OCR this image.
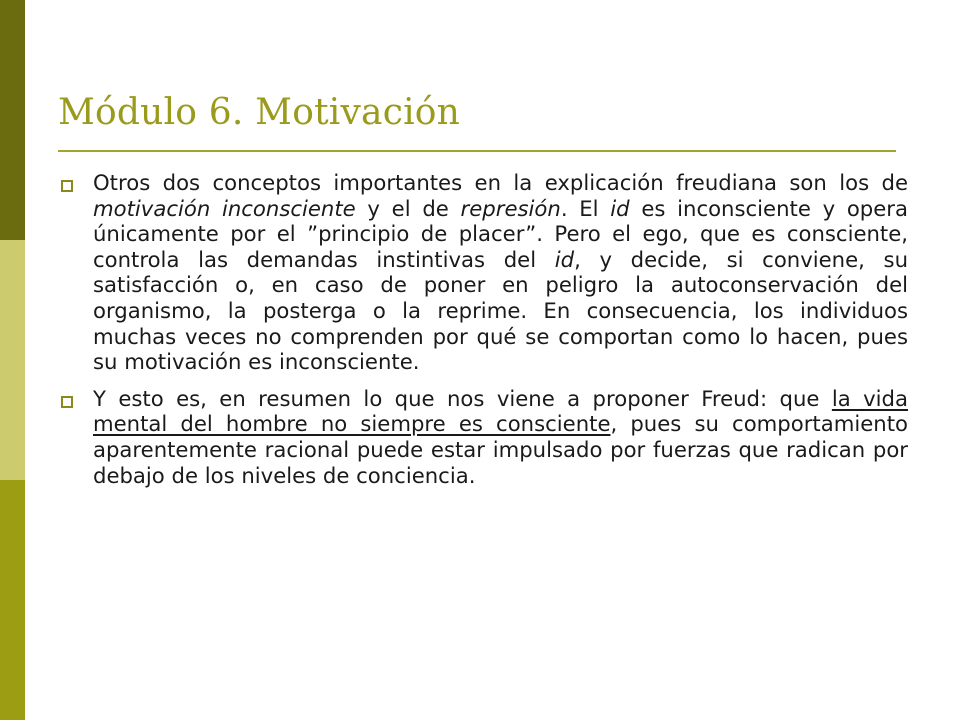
Módulo 6. Motivación
Otros dos conceptos importantes en la explicación freudiana son los de motivación inconsciente y el de represión. El id es inconsciente y opera únicamente por el ”principio de placer”. Pero el ego, que es consciente, controla las demandas instintivas del id, y decide, si conviene, su satisfacción o, en caso de poner en peligro la autoconservación del organismo, la posterga o la reprime. En consecuencia, los individuos muchas veces no comprenden por qué se comportan como lo hacen, pues su motivación es inconsciente.
Y esto es, en resumen lo que nos viene a proponer Freud: que la vida mental del hombre no siempre es consciente, pues su comportamiento aparentemente racional puede estar impulsado por fuerzas que radican por debajo de los niveles de conciencia.
